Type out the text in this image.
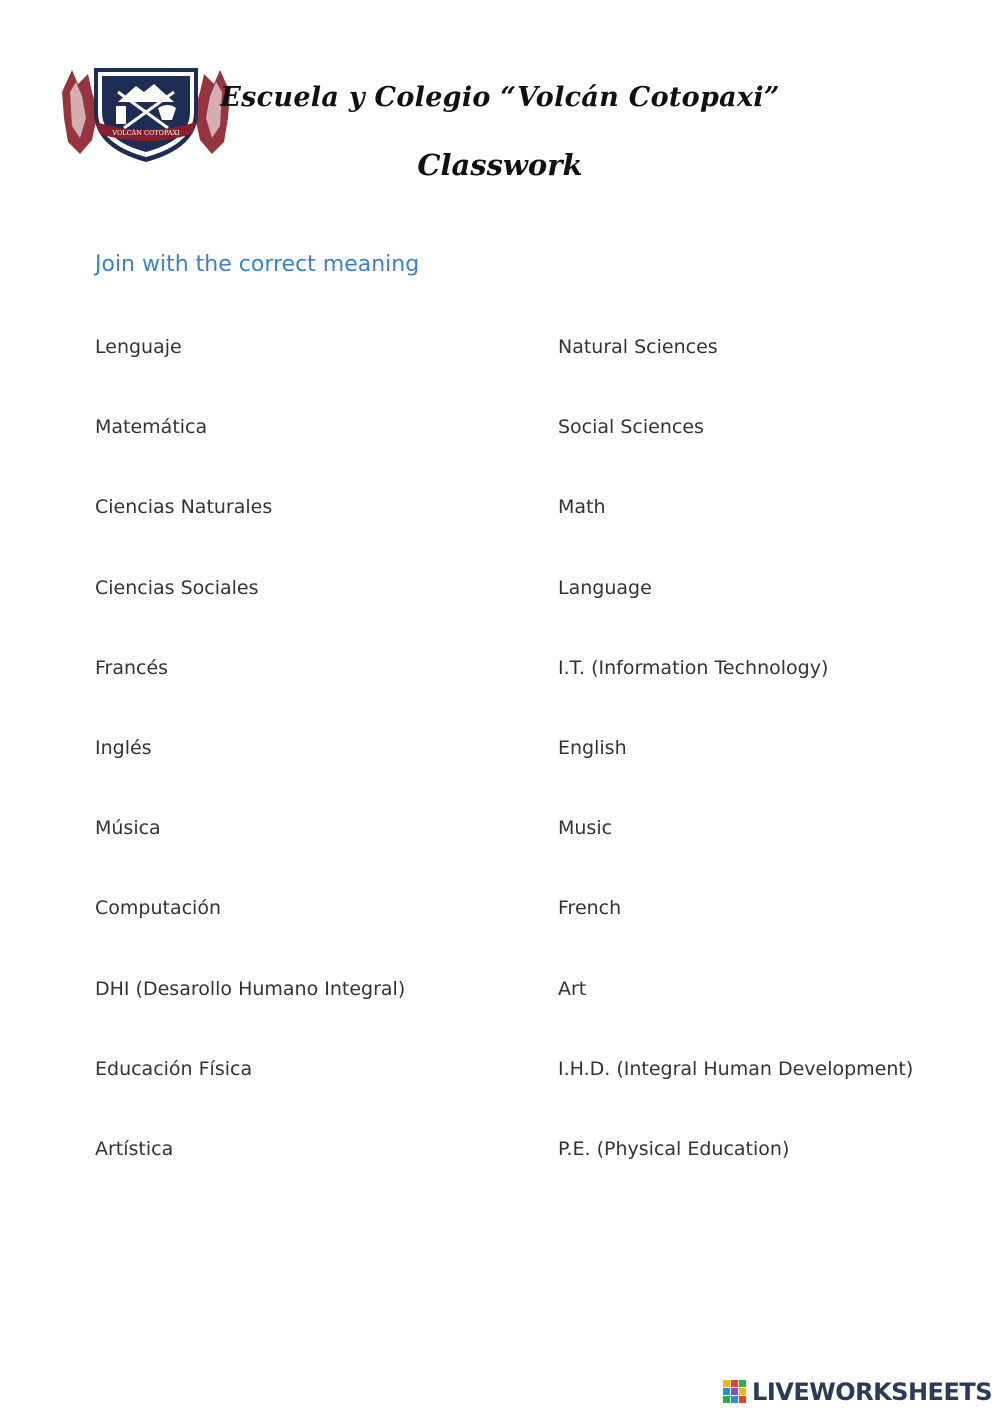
VOLCÁN COTOPAXI
Escuela y Colegio “Volcán Cotopaxi”
Classwork
Join with the correct meaning
Lenguaje	Natural Sciences
Matemática	Social Sciences
Ciencias Naturales	Math
Ciencias Sociales	Language
Francés	I.T. (Information Technology)
Inglés	English
Música	Music
Computación	French
DHI (Desarollo Humano Integral)	Art
Educación Física	I.H.D. (Integral Human Development)
Artística	P.E. (Physical Education)
LIVEWORKSHEETS
